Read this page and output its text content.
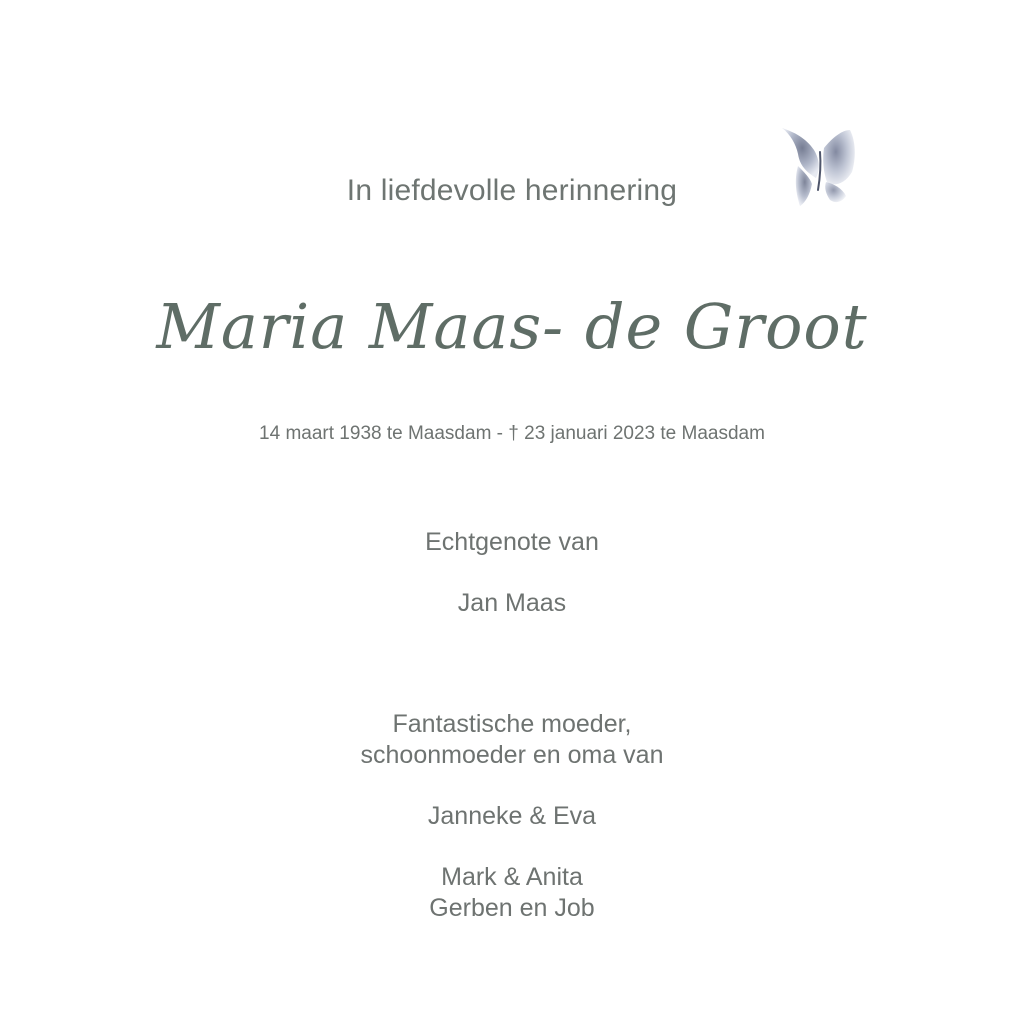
In liefdevolle herinnering
Maria Maas- de Groot
14 maart 1938 te Maasdam - † 23 januari 2023 te Maasdam
Echtgenote van
Jan Maas
Fantastische moeder,
schoonmoeder en oma van
Janneke & Eva
Mark & Anita
Gerben en Job
